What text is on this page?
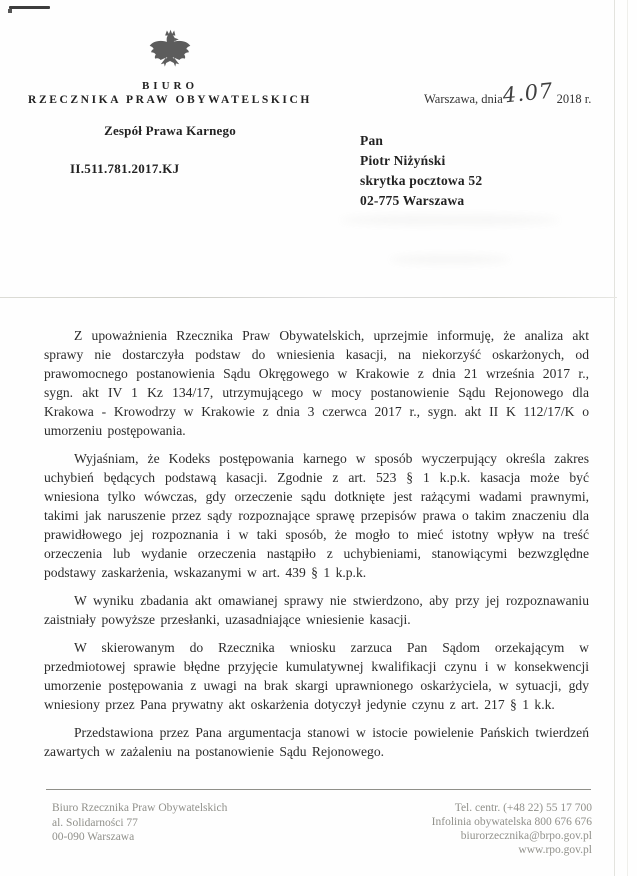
BIURO
RZECZNIKA PRAW OBYWATELSKICH
Zespół Prawa Karnego
Warszawa, dnia4.07 2018 r.
II.511.781.2017.KJ
Pan
Piotr Niżyński
skrytka pocztowa 52
02-775 Warszawa

Z upoważnienia Rzecznika Praw Obywatelskich, uprzejmie informuję, że analiza akt sprawy nie dostarczyła podstaw do wniesienia kasacji, na niekorzyść oskarżonych, od prawomocnego postanowienia Sądu Okręgowego w Krakowie z dnia 21 września 2017 r., sygn. akt IV 1 Kz 134/17, utrzymującego w mocy postanowienie Sądu Rejonowego dla Krakowa - Krowodrzy w Krakowie z dnia 3 czerwca 2017 r., sygn. akt II K 112/17/K o umorzeniu postępowania.

Wyjaśniam, że Kodeks postępowania karnego w sposób wyczerpujący określa zakres uchybień będących podstawą kasacji. Zgodnie z art. 523 § 1 k.p.k. kasacja może być wniesiona tylko wówczas, gdy orzeczenie sądu dotknięte jest rażącymi wadami prawnymi, takimi jak naruszenie przez sądy rozpoznające sprawę przepisów prawa o takim znaczeniu dla prawidłowego jej rozpoznania i w taki sposób, że mogło to mieć istotny wpływ na treść orzeczenia lub wydanie orzeczenia nastąpiło z uchybieniami, stanowiącymi bezwzględne podstawy zaskarżenia, wskazanymi w art. 439 § 1 k.p.k.

W wyniku zbadania akt omawianej sprawy nie stwierdzono, aby przy jej rozpoznawaniu zaistniały powyższe przesłanki, uzasadniające wniesienie kasacji.

W skierowanym do Rzecznika wniosku zarzuca Pan Sądom orzekającym w przedmiotowej sprawie błędne przyjęcie kumulatywnej kwalifikacji czynu i w konsekwencji umorzenie postępowania z uwagi na brak skargi uprawnionego oskarżyciela, w sytuacji, gdy wniesiony przez Pana prywatny akt oskarżenia dotyczył jedynie czynu z art. 217 § 1 k.k.

Przedstawiona przez Pana argumentacja stanowi w istocie powielenie Pańskich twierdzeń zawartych w zażaleniu na postanowienie Sądu Rejonowego.

Biuro Rzecznika Praw Obywatelskich
al. Solidarności 77
00-090 Warszawa
Tel. centr. (+48 22) 55 17 700
Infolinia obywatelska 800 676 676
biurorzecznika@brpo.gov.pl
www.rpo.gov.pl
